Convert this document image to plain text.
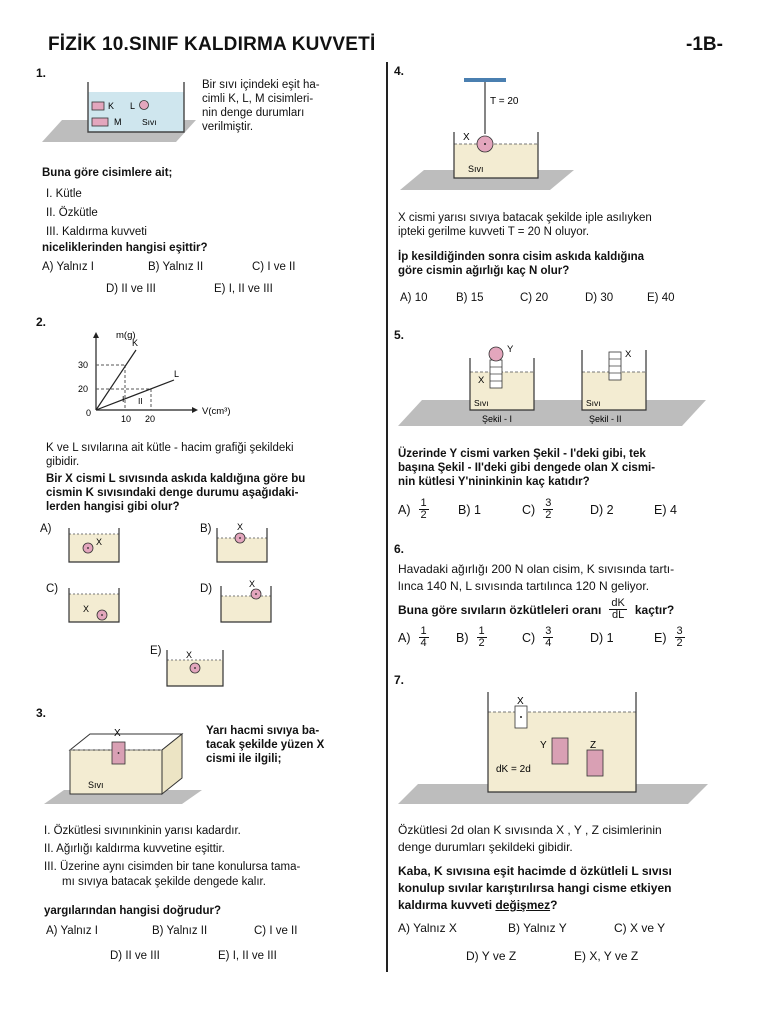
FİZİK 10.SINIF KALDIRMA KUVVETİ	-1B-
1.
K L
M Sıvı
Bir sıvı içindeki eşit ha-
cimli K, L, M cisimleri-
nin denge durumları
verilmiştir.
Buna göre cisimlere ait;
I. Kütle
II. Özkütle
III. Kaldırma kuvveti
niceliklerinden hangisi eşittir?
A) Yalnız I	B) Yalnız II	C) I ve II
D) II ve III	E) I, II ve III
2.
m(g)
V(cm³)
30
20
0
10 20
K
L
I II
K ve L sıvılarına ait kütle - hacim grafiği şekildeki
gibidir.
Bir X cismi L sıvısında askıda kaldığına göre bu
cismin K sıvısındaki denge durumu aşağıdaki-
lerden hangisi gibi olur?
A)
X
B)	X
C)
X
D)	X
E)	X
3.
X
Sıvı
Yarı hacmi sıvıya ba-
tacak şekilde yüzen X
cismi ile ilgili;
I. Özkütlesi sıvınınkinin yarısı kadardır.
II. Ağırlığı kaldırma kuvvetine eşittir.
III. Üzerine aynı cisimden bir tane konulursa tama-
mı sıvıya batacak şekilde dengede kalır.
yargılarından hangisi doğrudur?
A) Yalnız I	B) Yalnız II	C) I ve II
D) II ve III	E) I, II ve III
4.
T = 20
X
Sıvı
X cismi yarısı sıvıya batacak şekilde iple asılıyken
ipteki gerilme kuvveti T = 20 N oluyor.
İp kesildiğinden sonra cisim askıda kaldığına
göre cismin ağırlığı kaç N olur?
A) 10 B) 15	C) 20	D) 30	E) 40
5.
Y
X
Sıvı
Şekil - I
X
Sıvı
Şekil - II
Üzerinde Y cismi varken Şekil - I'deki gibi, tek
başına Şekil - II'deki gibi dengede olan X cismi-
nin kütlesi Y'nininkinin kaç katıdır?
$A) \frac{1}{2} B$) 1	$C) \frac{3}{2}$	D) 2	E) 4
6.
Havadaki ağırlığı 200 N olan cisim, K sıvısında tartı-
lınca 140 N, L sıvısında tartılınca 120 N geliyor.
Buna göre sıvıların özkütleleri oranı $\frac{dK}{dL}$ kaçtır?
$A) \frac{1}{4} B) \frac{1}{2}$	$C) \frac{3}{4}$	D) 1	$E) \frac{3}{2}$
7.
X
Y	Z
dK = 2d
Özkütlesi 2d olan K sıvısında X , Y , Z cisimlerinin
denge durumları şekildeki gibidir.
Kaba, K sıvısına eşit hacimde d özkütleli L sıvısı
konulup sıvılar karıştırılırsa hangi cisme etkiyen
kaldırma kuvveti değişmez?
A) Yalnız X	B) Yalnız Y	C) X ve Y
D) Y ve Z	E) X, Y ve Z
